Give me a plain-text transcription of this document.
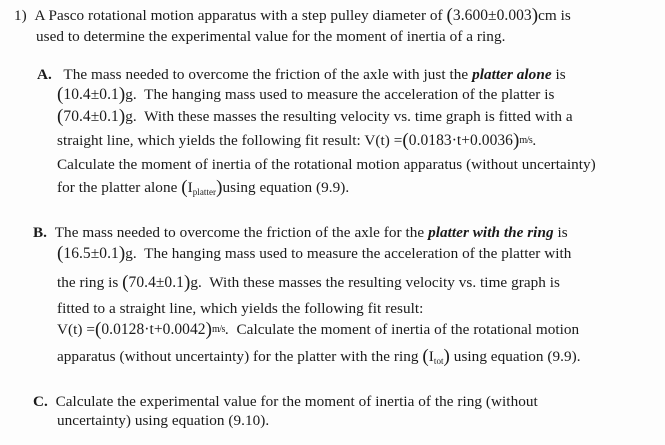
1) A Pasco rotational motion apparatus with a step pulley diameter of (3.600±0.003)cm is
used to determine the experimental value for the moment of inertia of a ring.
A. The mass needed to overcome the friction of the axle with just the platter alone is
(10.4±0.1)g. The hanging mass used to measure the acceleration of the platter is
(70.4±0.1)g. With these masses the resulting velocity vs. time graph is fitted with a
straight line, which yields the following fit result: V(t) =(0.0183·t+0.0036)m/s.
Calculate the moment of inertia of the rotational motion apparatus (without uncertainty)
for the platter alone $(I_{platter})using$ equation (9.9).
B. The mass needed to overcome the friction of the axle for the platter with the ring is
(16.5±0.1)g. The hanging mass used to measure the acceleration of the platter with
the ring is (70.4±0.1)g. With these masses the resulting velocity vs. time graph is
fitted to a straight line, which yields the following fit result:
V(t) =(0.0128·t+0.0042)m/s.  Calculate the moment of inertia of the rotational motion
apparatus (without uncertainty) for the platter with the ring $(I_{tot})$ using equation (9.9).
C. Calculate the experimental value for the moment of inertia of the ring (without
uncertainty) using equation (9.10).
